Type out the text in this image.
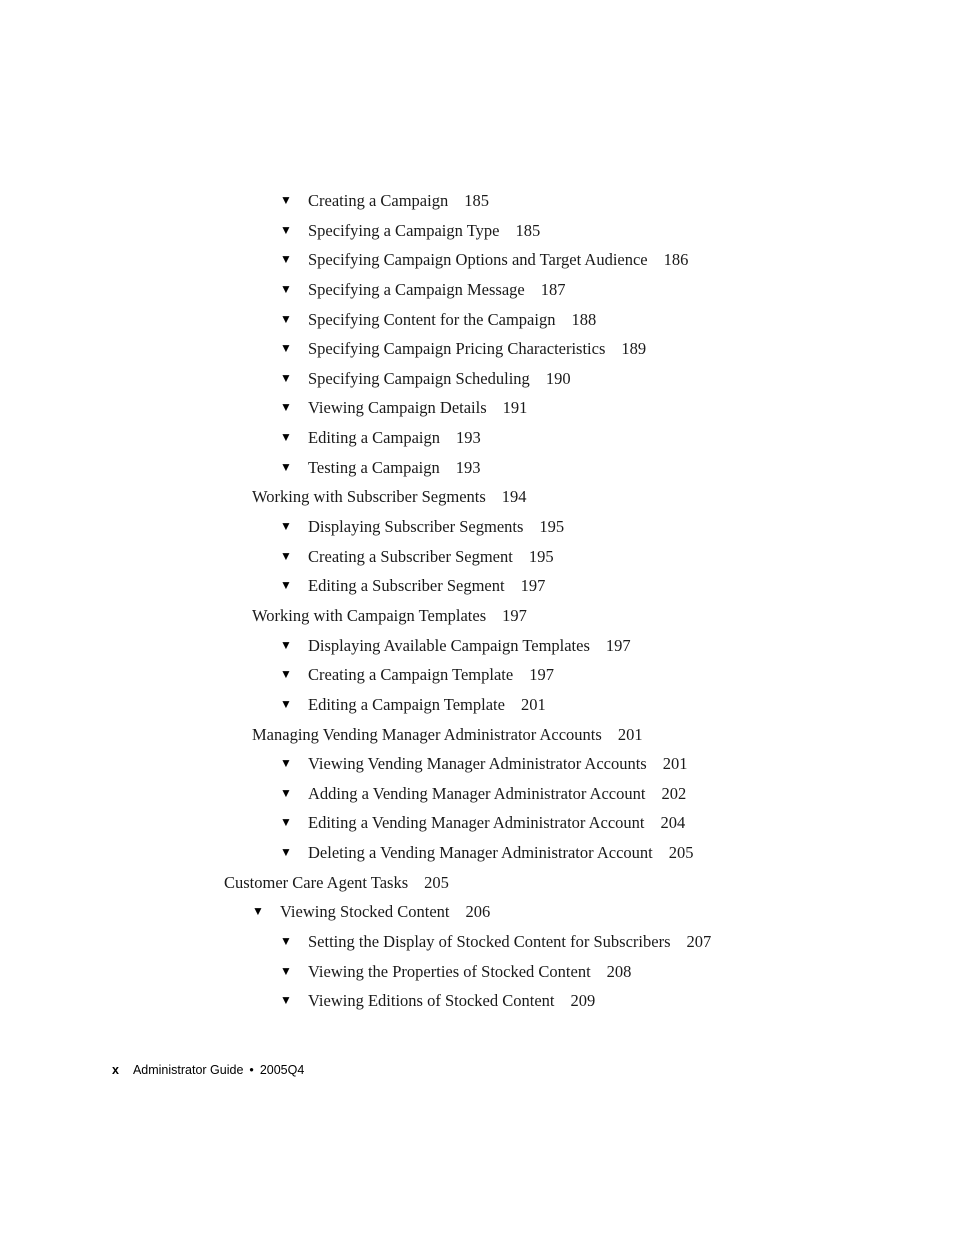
▼ Creating a Campaign 185
▼ Specifying a Campaign Type 185
▼ Specifying Campaign Options and Target Audience 186
▼ Specifying a Campaign Message 187
▼ Specifying Content for the Campaign 188
▼ Specifying Campaign Pricing Characteristics 189
▼ Specifying Campaign Scheduling 190
▼ Viewing Campaign Details 191
▼ Editing a Campaign 193
▼ Testing a Campaign 193
Working with Subscriber Segments 194
▼ Displaying Subscriber Segments 195
▼ Creating a Subscriber Segment 195
▼ Editing a Subscriber Segment 197
Working with Campaign Templates 197
▼ Displaying Available Campaign Templates 197
▼ Creating a Campaign Template 197
▼ Editing a Campaign Template 201
Managing Vending Manager Administrator Accounts 201
▼ Viewing Vending Manager Administrator Accounts 201
▼ Adding a Vending Manager Administrator Account 202
▼ Editing a Vending Manager Administrator Account 204
▼ Deleting a Vending Manager Administrator Account 205
Customer Care Agent Tasks 205
▼ Viewing Stocked Content 206
▼ Setting the Display of Stocked Content for Subscribers 207
▼ Viewing the Properties of Stocked Content 208
▼ Viewing Editions of Stocked Content 209
x Administrator Guide • 2005Q4
